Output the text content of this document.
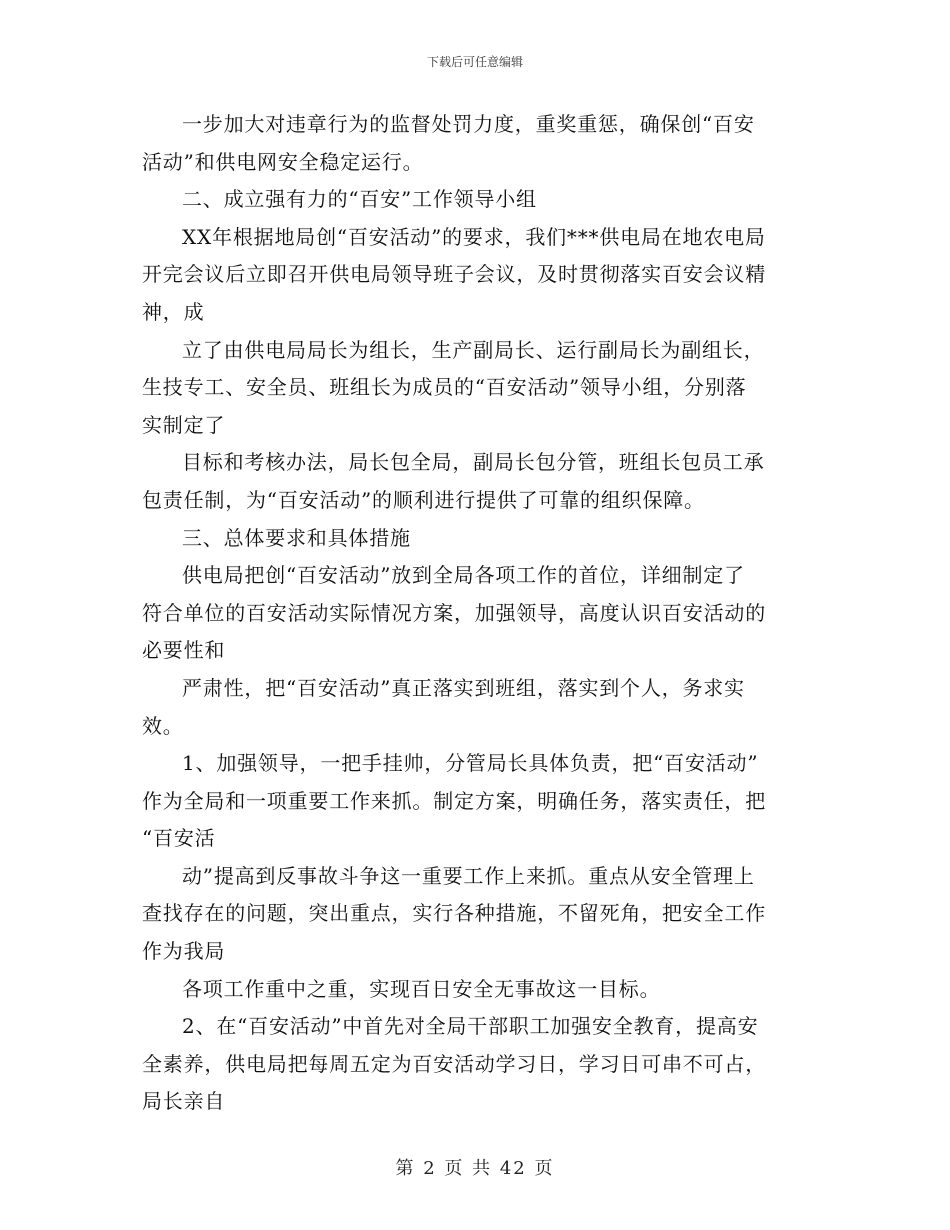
下载后可任意编辑

一步加大对违章行为的监督处罚力度，重奖重惩，确保创“百安

活动”和供电网安全稳定运行。

二、成立强有力的“百安”工作领导小组

XX年根据地局创“百安活动”的要求，我们***供电局在地农电局

开完会议后立即召开供电局领导班子会议，及时贯彻落实百安会议精

神，成

立了由供电局局长为组长，生产副局长、运行副局长为副组长，

生技专工、安全员、班组长为成员的“百安活动”领导小组，分别落

实制定了

目标和考核办法，局长包全局，副局长包分管，班组长包员工承

包责任制，为“百安活动”的顺利进行提供了可靠的组织保障。

三、总体要求和具体措施

供电局把创“百安活动”放到全局各项工作的首位，详细制定了

符合单位的百安活动实际情况方案，加强领导，高度认识百安活动的

必要性和

严肃性，把“百安活动”真正落实到班组，落实到个人，务求实

效。

1、加强领导，一把手挂帅，分管局长具体负责，把“百安活动”

作为全局和一项重要工作来抓。制定方案，明确任务，落实责任，把

“百安活

动”提高到反事故斗争这一重要工作上来抓。重点从安全管理上

查找存在的问题，突出重点，实行各种措施，不留死角，把安全工作

作为我局

各项工作重中之重，实现百日安全无事故这一目标。

2、在“百安活动”中首先对全局干部职工加强安全教育，提高安

全素养，供电局把每周五定为百安活动学习日，学习日可串不可占，

局长亲自

第 2 页 共 42 页
